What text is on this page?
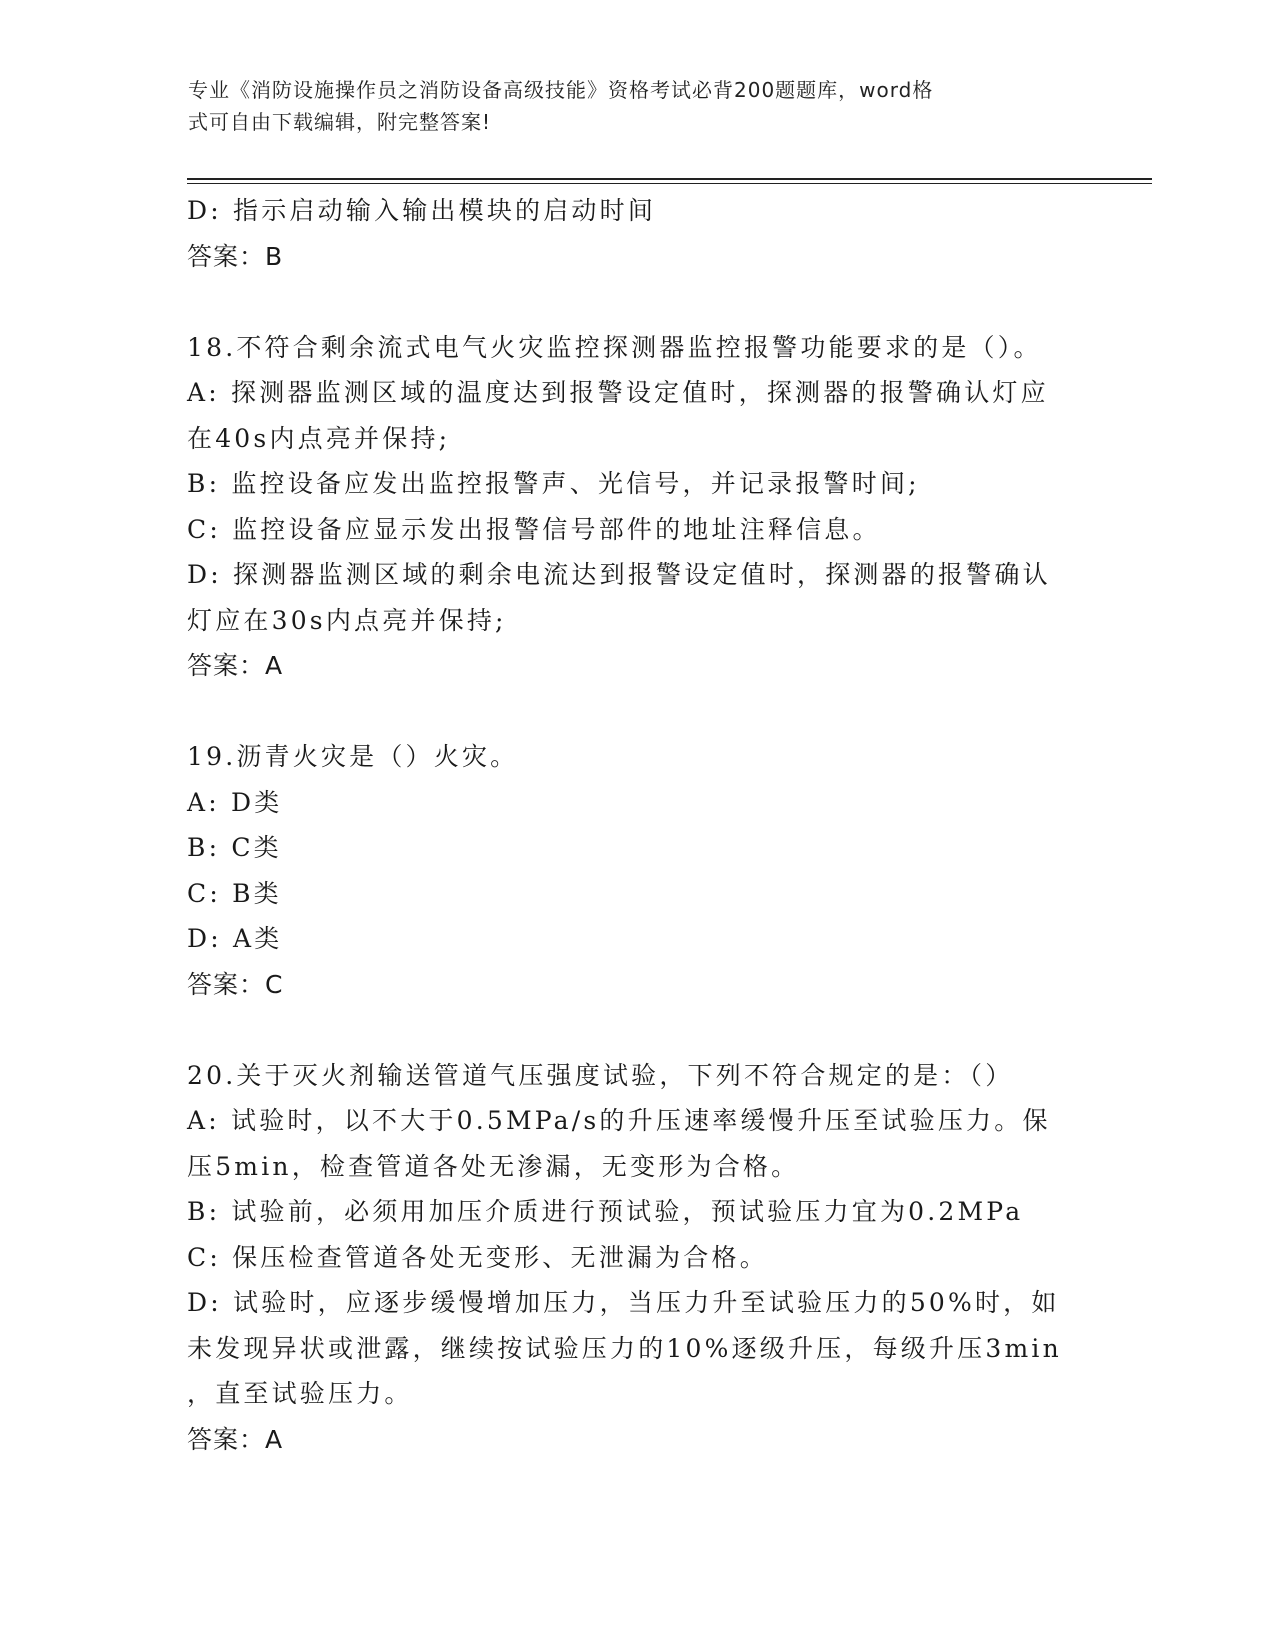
专业《消防设施操作员之消防设备高级技能》资格考试必背200题题库，word格
式可自由下载编辑，附完整答案!

D: 指示启动输入输出模块的启动时间

答案：B

18.不符合剩余流式电气火灾监控探测器监控报警功能要求的是（）。

A: 探测器监测区域的温度达到报警设定值时，探测器的报警确认灯应

在40s内点亮并保持;

B: 监控设备应发出监控报警声、光信号，并记录报警时间;

C: 监控设备应显示发出报警信号部件的地址注释信息。

D: 探测器监测区域的剩余电流达到报警设定值时，探测器的报警确认

灯应在30s内点亮并保持;

答案：A

19.沥青火灾是（）火灾。

A: D类

B: C类

C: B类

D: A类

答案：C

20.关于灭火剂输送管道气压强度试验，下列不符合规定的是：（）

A: 试验时，以不大于0.5MPa/s的升压速率缓慢升压至试验压力。保

压5min，检查管道各处无渗漏，无变形为合格。

B: 试验前，必须用加压介质进行预试验，预试验压力宜为0.2MPa

C: 保压检查管道各处无变形、无泄漏为合格。

D: 试验时，应逐步缓慢增加压力，当压力升至试验压力的50%时，如

未发现异状或泄露，继续按试验压力的10%逐级升压，每级升压3min

，直至试验压力。

答案：A
